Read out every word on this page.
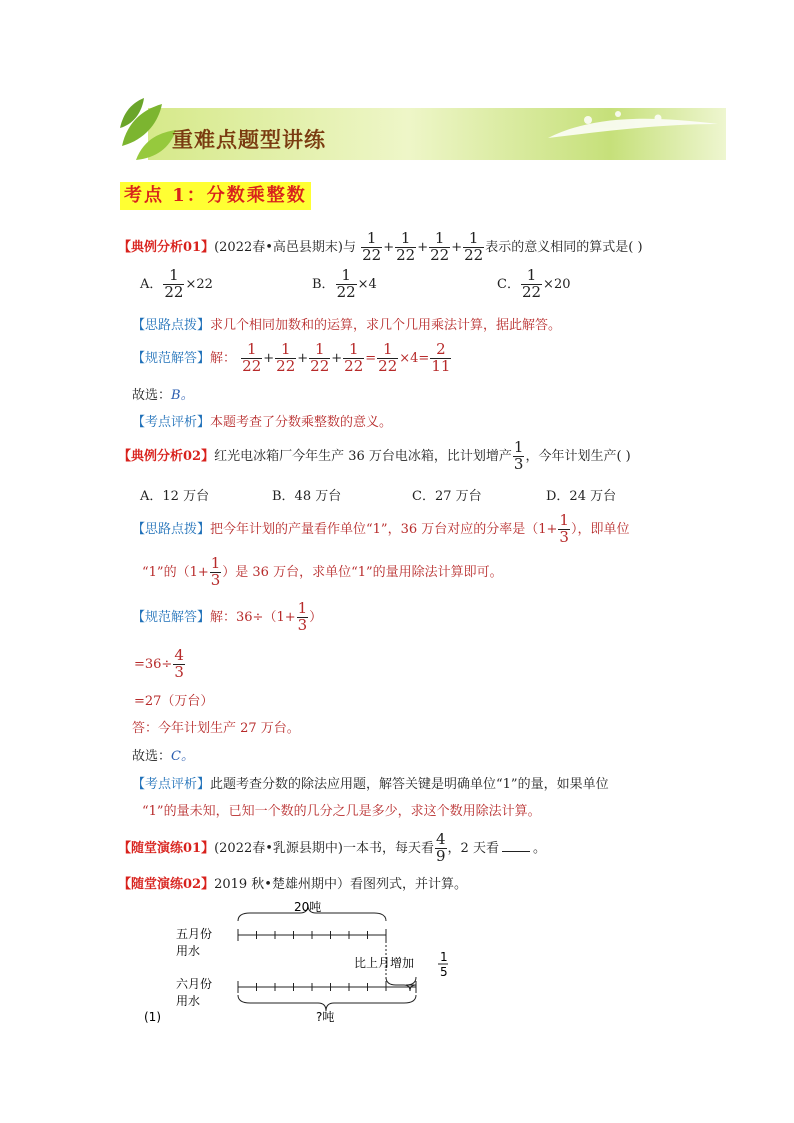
重难点题型讲练
考点 1：分数乘整数
【典例分析01】(2022春•高邑县期末)与 $\frac{1}{22} + \frac{1}{22} + \frac{1}{22} + \frac{1}{22}$ 表示的意义相同的算式是( )
A． $\frac{1}{22} \times 22$	B． $\frac{1}{22} \times 4$	C． $\frac{1}{22} \times 20$
【思路点拨】求几个相同加数和的运算，求几个几用乘法计算，据此解答。
【规范解答】解： $\frac{1}{22} + \frac{1}{22} + \frac{1}{22} + \frac{1}{22} = \frac{1}{22} \times 4= \frac{2}{11}$
故选：B。
【考点评析】本题考查了分数乘整数的意义。
【典例分析02】红光电冰箱厂今年生产 36 万台电冰箱，比计划增产 $\frac{1}{3}$ ，今年计划生产( )
A．12 万台	B．48 万台	C．27 万台	D．24 万台
【思路点拨】把今年计划的产量看作单位“1”，36 万台对应的分率是（$1+ \frac{1}{3}$ ），即单位
“1”的（$1+ \frac{1}{3}$ ）是 36 万台，求单位“1”的量用除法计算即可。
【规范解答】解：$36\div(1+ \frac{1}{3}$ ）
$=36\div \frac{4}{3}$
=27（万台）
答：今年计划生产 27 万台。
故选：C。
【考点评析】此题考查分数的除法应用题，解答关键是明确单位“1”的量，如果单位
“1”的量未知，已知一个数的几分之几是多少，求这个数用除法计算。
【随堂演练01】(2022春•乳源县期中)一本书，每天看 $\frac{4}{9}$ ，2 天看	。
【随堂演练02】2019 秋•楚雄州期中）看图列式，并计算。
20吨
五月份
用水
比上月增加 1
5
六月份
用水
?吨
(1)
